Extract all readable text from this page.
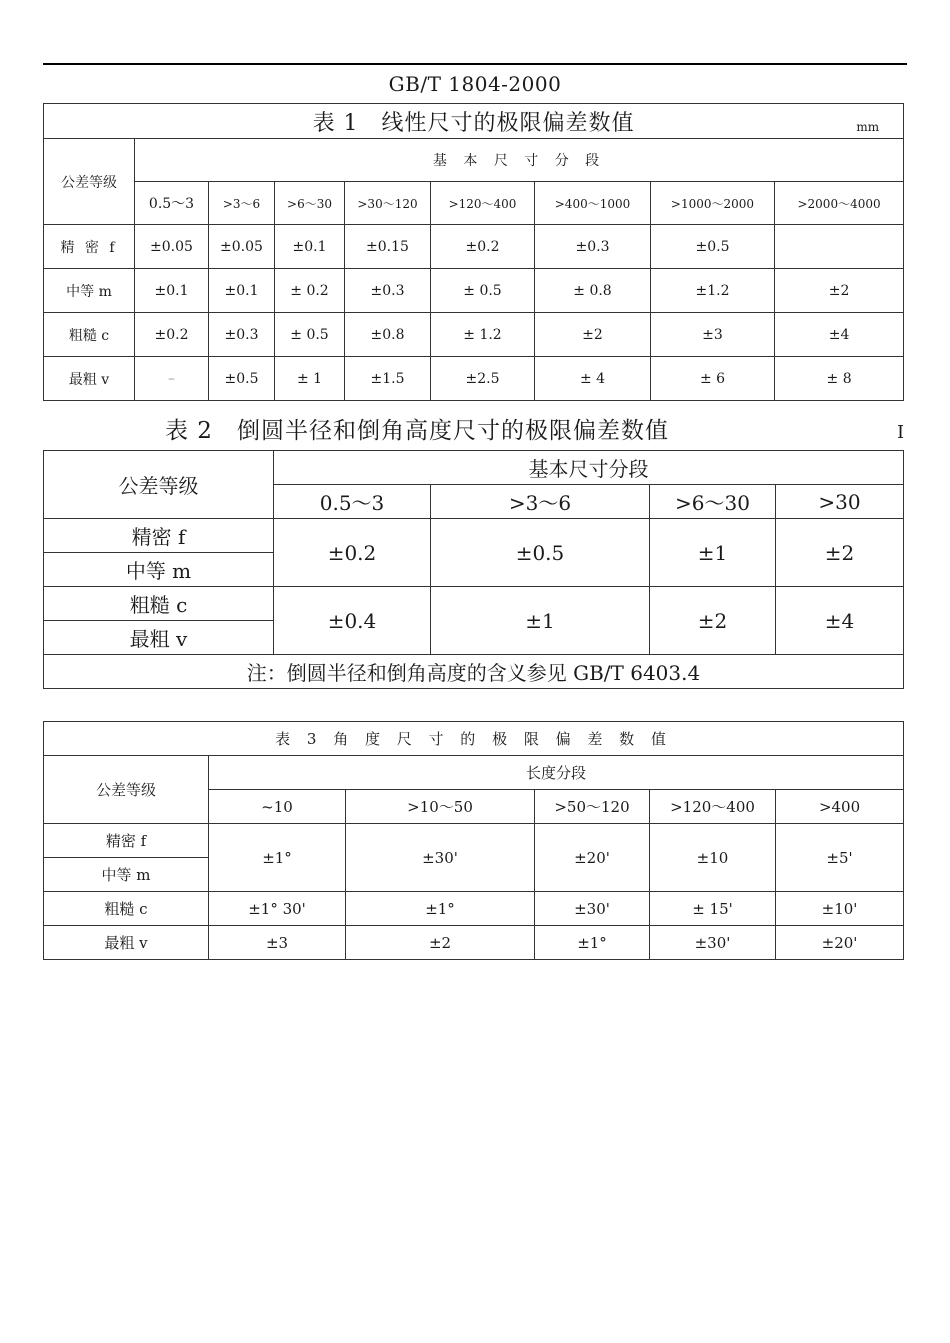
GB/T 1804-2000
表 1　线性尺寸的极限偏差数值 mm								

公差等级	基 本 尺 寸 分 段							
	0.5～3	>3～6	>6～30	>30～120	>120～400	>400～1000	>1000～2000	>2000～4000
精 密 f	±0.05	±0.05	±0.1	±0.15	±0.2	±0.3	±0.5	
中等 m	±0.1	±0.1	± 0.2	±0.3	± 0.5	± 0.8	±1.2	±2
粗糙 c	±0.2	±0.3	± 0.5	±0.8	± 1.2	±2	±3	±4
最粗 v	–	±0.5	± 1	±1.5	±2.5	± 4	± 6	± 8
表 2　倒圆半径和倒角高度尺寸的极限偏差数值	I
公差等级	基本尺寸分段			
	0.5～3	>3～6	>6～30	>30
精密 f	±0.2	±0.5	±1	±2
中等 m				
粗糙 c	±0.4	±1	±2	±4
最粗 v				
注：倒圆半径和倒角高度的含义参见 GB/T 6403.4				
表 3 角 度 尺 寸 的 极 限 偏 差 数 值					
公差等级	长度分段				
	~10	>10～50	>50～120	>120～400	>400
精密 f	±1°	±30'	±20'	±10	±5'
中等 m					
粗糙 c	±1° 30'	±1°	±30'	± 15'	±10'
最粗 v	±3	±2	±1°	±30'	±20'
